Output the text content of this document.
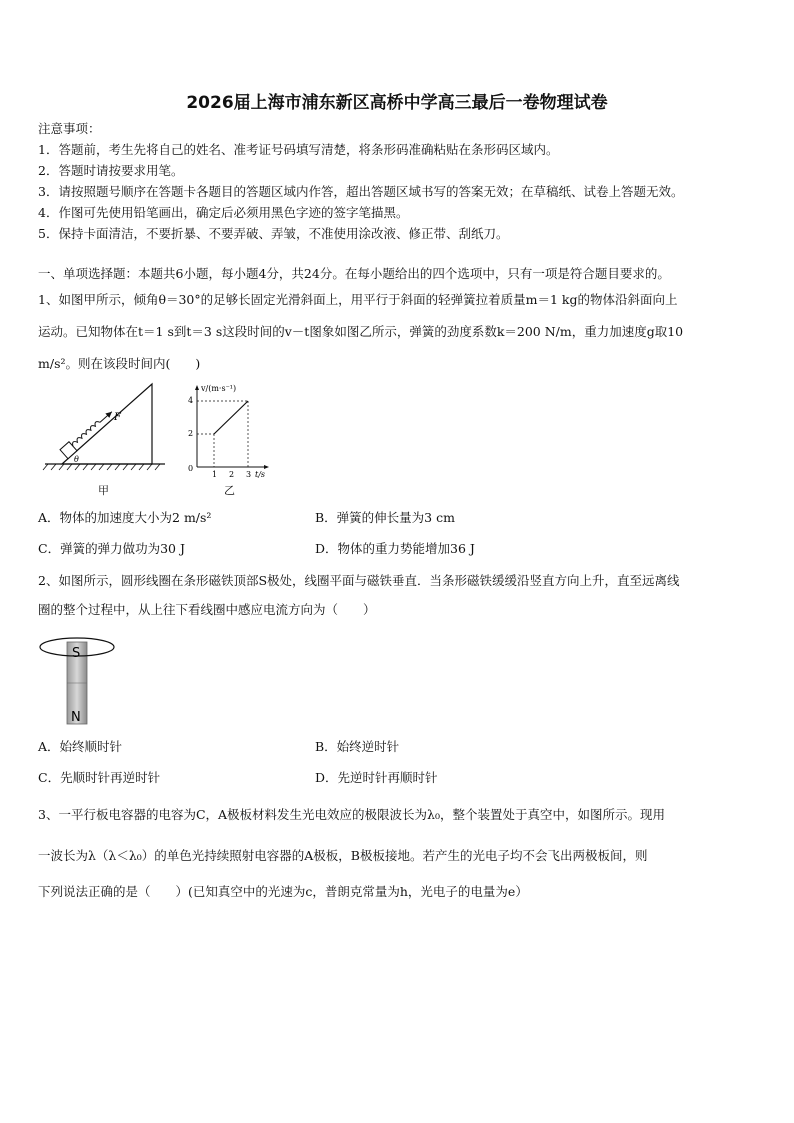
2026届上海市浦东新区高桥中学高三最后一卷物理试卷
注意事项：
1．答题前，考生先将自己的姓名、准考证号码填写清楚，将条形码准确粘贴在条形码区域内。
2．答题时请按要求用笔。
3．请按照题号顺序在答题卡各题目的答题区域内作答，超出答题区域书写的答案无效；在草稿纸、试卷上答题无效。
4．作图可先使用铅笔画出，确定后必须用黑色字迹的签字笔描黑。
5．保持卡面清洁，不要折暴、不要弄破、弄皱，不准使用涂改液、修正带、刮纸刀。
一、单项选择题：本题共6小题，每小题4分，共24分。在每小题给出的四个选项中，只有一项是符合题目要求的。
1、如图甲所示，倾角θ＝30°的足够长固定光滑斜面上，用平行于斜面的轻弹簧拉着质量m＝1 kg的物体沿斜面向上
运动。已知物体在t＝1 s到t＝3 s这段时间的v－t图象如图乙所示，弹簧的劲度系数k＝200 N/m，重力加速度g取10
m/s²。则在该段时间内(　　)
F
θ
甲
v/(m·s⁻¹)
t/s
4
2
0
1 2 3
乙
A．物体的加速度大小为2 m/s²	B．弹簧的伸长量为3 cm
C．弹簧的弹力做功为30 J	D．物体的重力势能增加36 J
2、如图所示，圆形线圈在条形磁铁顶部S极处，线圈平面与磁铁垂直．当条形磁铁缓缓沿竖直方向上升，直至远离线
圈的整个过程中，从上往下看线圈中感应电流方向为（　　）
S
N
A．始终顺时针	B．始终逆时针
C．先顺时针再逆时针	D．先逆时针再顺时针
3、一平行板电容器的电容为C，A极板材料发生光电效应的极限波长为λ₀，整个装置处于真空中，如图所示。现用
一波长为λ（λ＜λ₀）的单色光持续照射电容器的A极板，B极板接地。若产生的光电子均不会飞出两极板间，则
下列说法正确的是（　　）(已知真空中的光速为c，普朗克常量为h，光电子的电量为e）
